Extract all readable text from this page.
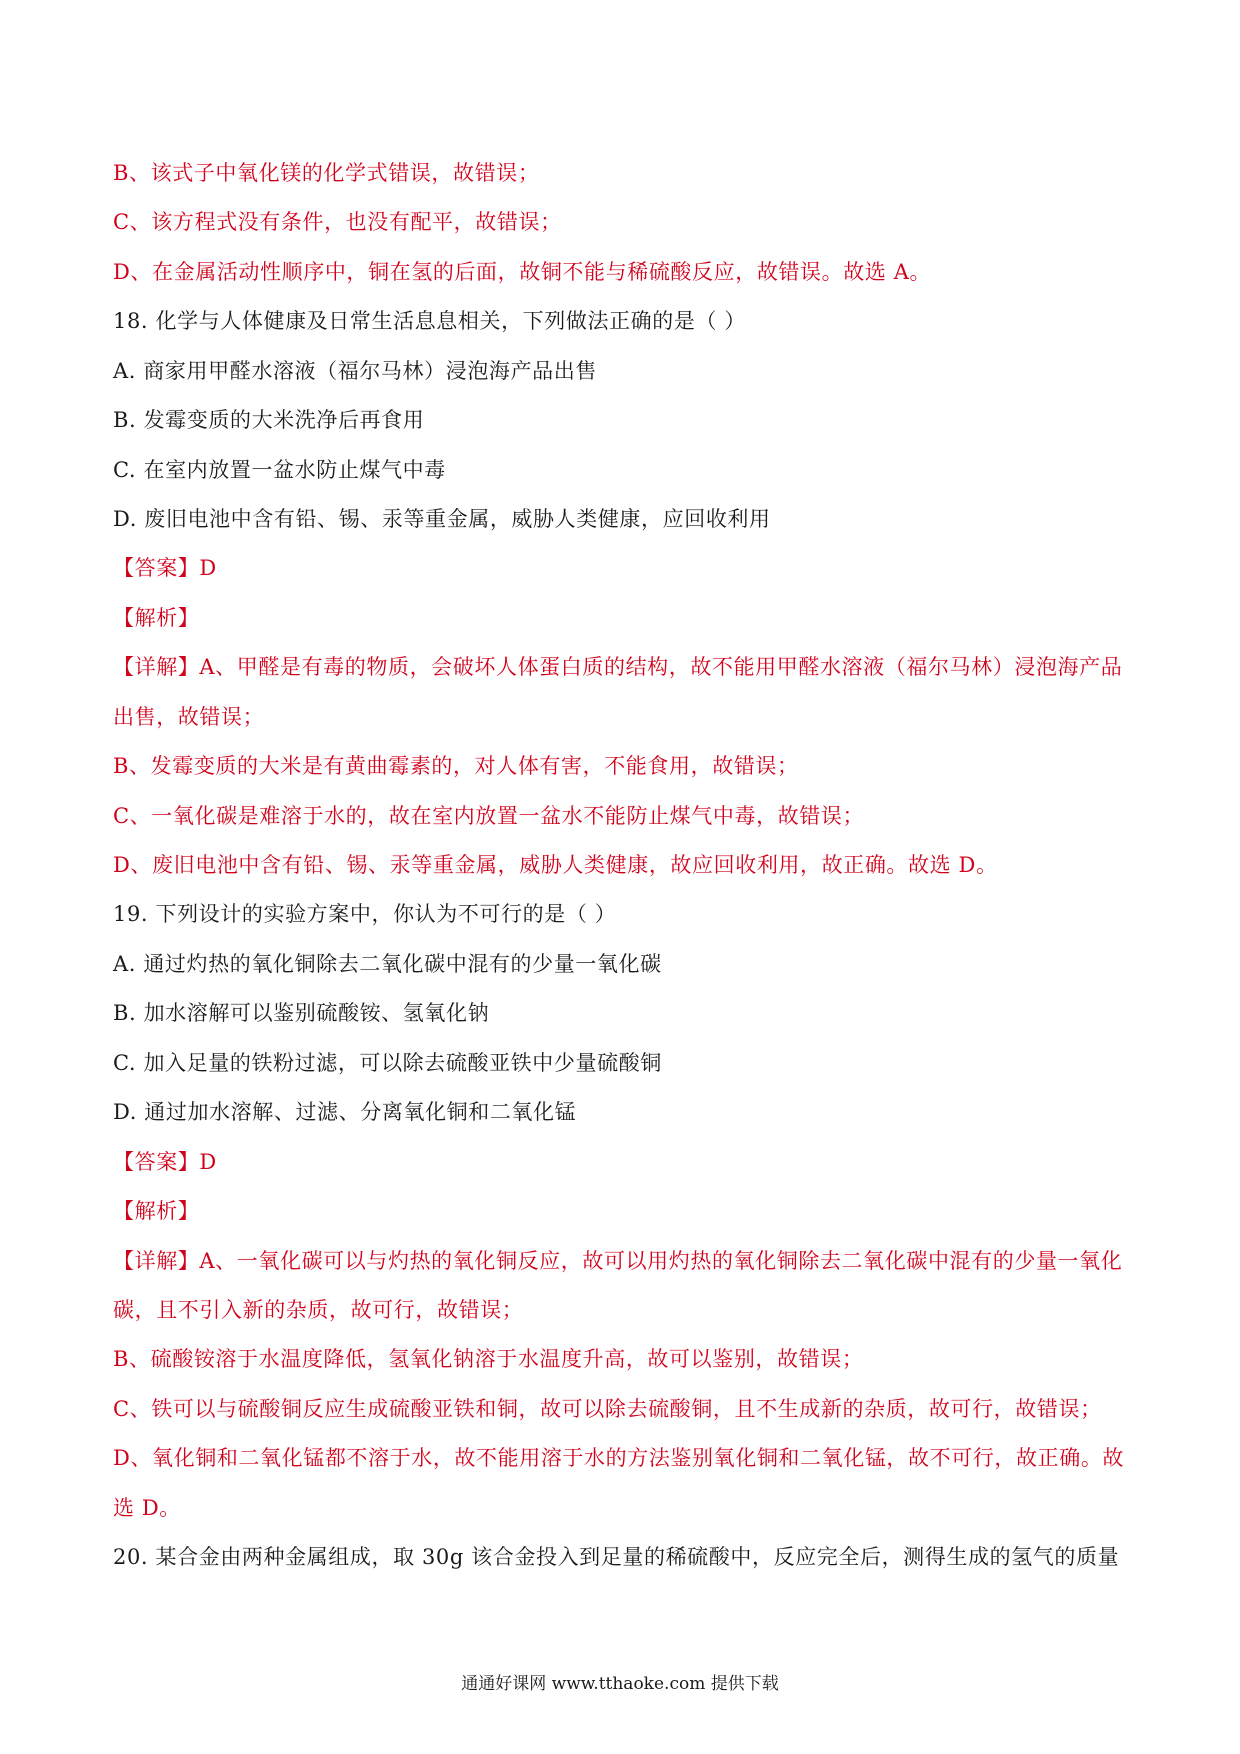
B、该式子中氧化镁的化学式错误，故错误；
C、该方程式没有条件，也没有配平，故错误；
D、在金属活动性顺序中，铜在氢的后面，故铜不能与稀硫酸反应，故错误。故选 A。
18. 化学与人体健康及日常生活息息相关，下列做法正确的是（ ）
A. 商家用甲醛水溶液（福尔马林）浸泡海产品出售
B. 发霉变质的大米洗净后再食用
C. 在室内放置一盆水防止煤气中毒
D. 废旧电池中含有铅、锡、汞等重金属，威胁人类健康，应回收利用
【答案】D
【解析】
【详解】A、甲醛是有毒的物质，会破坏人体蛋白质的结构，故不能用甲醛水溶液（福尔马林）浸泡海产品
出售，故错误；
B、发霉变质的大米是有黄曲霉素的，对人体有害，不能食用，故错误；
C、一氧化碳是难溶于水的，故在室内放置一盆水不能防止煤气中毒，故错误；
D、废旧电池中含有铅、锡、汞等重金属，威胁人类健康，故应回收利用，故正确。故选 D。
19. 下列设计的实验方案中，你认为不可行的是（ ）
A. 通过灼热的氧化铜除去二氧化碳中混有的少量一氧化碳
B. 加水溶解可以鉴别硫酸铵、氢氧化钠
C. 加入足量的铁粉过滤，可以除去硫酸亚铁中少量硫酸铜
D. 通过加水溶解、过滤、分离氧化铜和二氧化锰
【答案】D
【解析】
【详解】A、一氧化碳可以与灼热的氧化铜反应，故可以用灼热的氧化铜除去二氧化碳中混有的少量一氧化
碳，且不引入新的杂质，故可行，故错误；
B、硫酸铵溶于水温度降低，氢氧化钠溶于水温度升高，故可以鉴别，故错误；
C、铁可以与硫酸铜反应生成硫酸亚铁和铜，故可以除去硫酸铜，且不生成新的杂质，故可行，故错误；
D、氧化铜和二氧化锰都不溶于水，故不能用溶于水的方法鉴别氧化铜和二氧化锰，故不可行，故正确。故
选 D。
20. 某合金由两种金属组成，取 30g 该合金投入到足量的稀硫酸中，反应完全后，测得生成的氢气的质量
通通好课网 www.tthaoke.com 提供下载
